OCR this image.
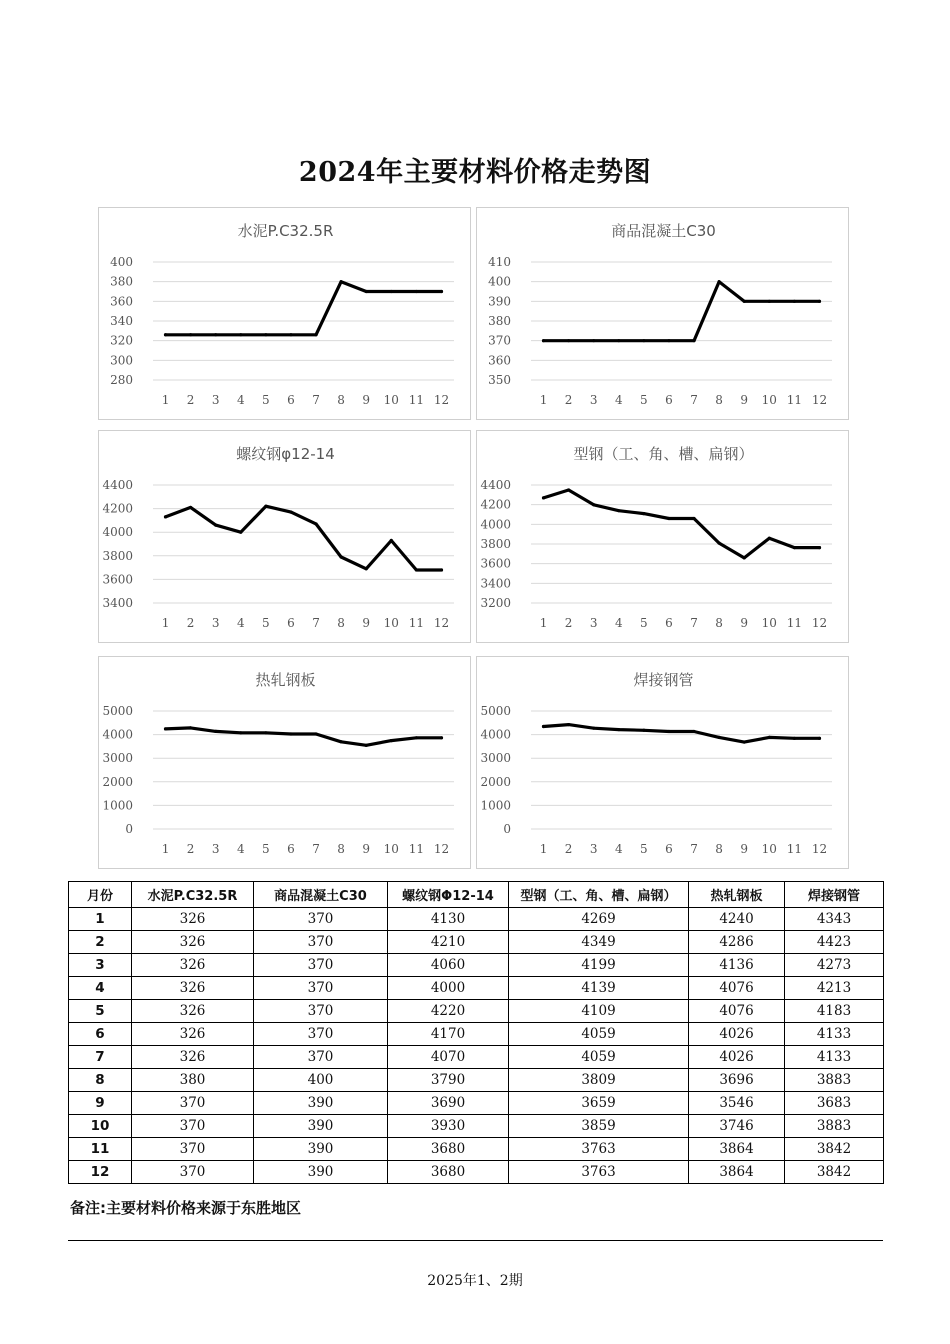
2024年主要材料价格走势图
水泥P.C32.5R
280
300
320
340
360
380
400
1 2 3 4 5 6 7 8 9 10 11 12
商品混凝土C30
350
360
370
380
390
400
410
1 2 3 4 5 6 7 8 9 10 11 12
螺纹钢φ12-14
3400
3600
3800
4000
4200
4400
1 2 3 4 5 6 7 8 9 10 11 12
型钢（工、角、槽、扁钢）
3200
3400
3600
3800
4000
4200
4400
1 2 3 4 5 6 7 8 9 10 11 12
热轧钢板
0
1000
2000
3000
4000
5000
1 2 3 4 5 6 7 8 9 10 11 12
焊接钢管
0
1000
2000
3000
4000
5000
1 2 3 4 5 6 7 8 9 10 11 12
月份	水泥P.C32.5R	商品混凝土C30	螺纹钢Φ12-14	型钢（工、角、槽、扁钢）	热轧钢板	焊接钢管
1	326	370	4130	4269	4240	4343
2	326	370	4210	4349	4286	4423
3	326	370	4060	4199	4136	4273
4	326	370	4000	4139	4076	4213
5	326	370	4220	4109	4076	4183
6	326	370	4170	4059	4026	4133
7	326	370	4070	4059	4026	4133
8	380	400	3790	3809	3696	3883
9	370	390	3690	3659	3546	3683
10	370	390	3930	3859	3746	3883
11	370	390	3680	3763	3864	3842
12	370	390	3680	3763	3864	3842
备注:主要材料价格来源于东胜地区
2025年1、2期
